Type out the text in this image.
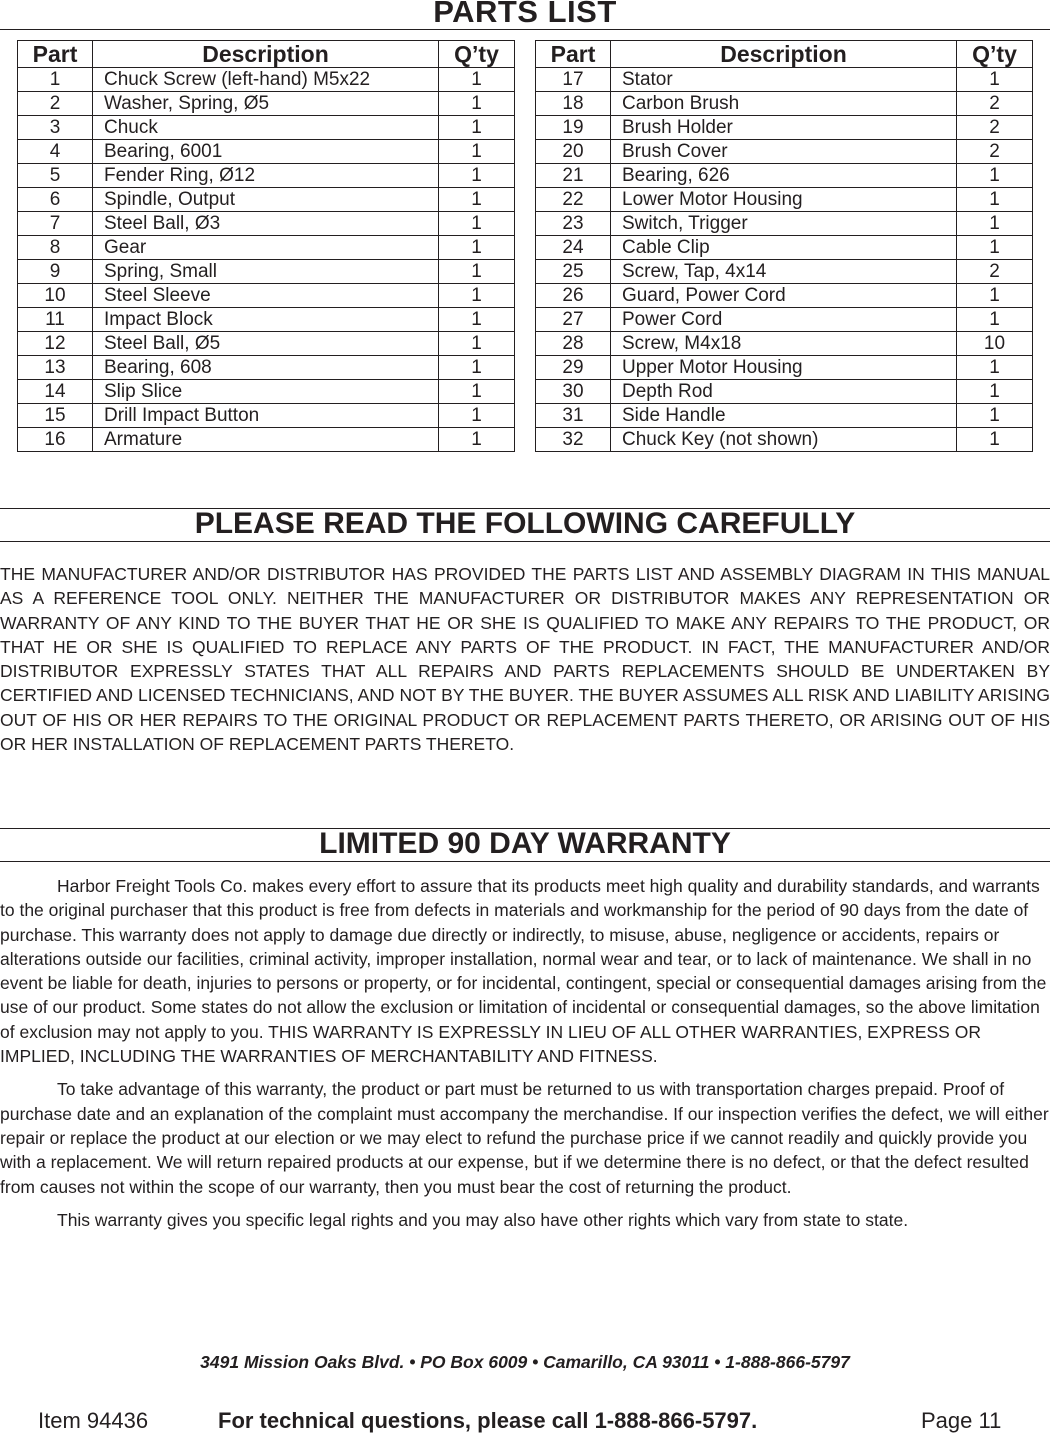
PARTS LIST
Part	Description	Q’ty
1	Chuck Screw (left-hand) M5x22	1
2	Washer, Spring, Ø5	1
3	Chuck	1
4	Bearing, 6001	1
5	Fender Ring, Ø12	1
6	Spindle, Output	1
7	Steel Ball, Ø3	1
8	Gear	1
9	Spring, Small	1
10	Steel Sleeve	1
11	Impact Block	1
12	Steel Ball, Ø5	1
13	Bearing, 608	1
14	Slip Slice	1
15	Drill Impact Button	1
16	Armature	1
Part	Description	Q’ty
17	Stator	1
18	Carbon Brush	2
19	Brush Holder	2
20	Brush Cover	2
21	Bearing, 626	1
22	Lower Motor Housing	1
23	Switch, Trigger	1
24	Cable Clip	1
25	Screw, Tap, 4x14	2
26	Guard, Power Cord	1
27	Power Cord	1
28	Screw, M4x18	10
29	Upper Motor Housing	1
30	Depth Rod	1
31	Side Handle	1
32	Chuck Key (not shown)	1
PLEASE READ THE FOLLOWING CAREFULLY
THE MANUFACTURER AND/OR DISTRIBUTOR HAS PROVIDED THE PARTS LIST AND ASSEMBLY DIAGRAM IN THIS MANUAL AS A REFERENCE TOOL ONLY. NEITHER THE MANUFACTURER OR DISTRIBUTOR MAKES ANY REPRESENTATION OR WARRANTY OF ANY KIND TO THE BUYER THAT HE OR SHE IS QUALIFIED TO MAKE ANY REPAIRS TO THE PRODUCT, OR THAT HE OR SHE IS QUALIFIED TO REPLACE ANY PARTS OF THE PRODUCT. IN FACT, THE MANUFACTURER AND/OR DISTRIBUTOR EXPRESSLY STATES THAT ALL REPAIRS AND PARTS REPLACEMENTS SHOULD BE UNDERTAKEN BY CERTIFIED AND LICENSED TECHNICIANS, AND NOT BY THE BUYER. THE BUYER ASSUMES ALL RISK AND LIABILITY ARISING OUT OF HIS OR HER REPAIRS TO THE ORIGINAL PRODUCT OR REPLACEMENT PARTS THERETO, OR ARISING OUT OF HIS OR HER INSTALLATION OF REPLACEMENT PARTS THERETO.
LIMITED 90 DAY WARRANTY

Harbor Freight Tools Co. makes every effort to assure that its products meet high quality and durability standards, and warrants to the original purchaser that this product is free from defects in materials and workmanship for the period of 90 days from the date of purchase. This warranty does not apply to damage due directly or indirectly, to misuse, abuse, negligence or accidents, repairs or alterations outside our facilities, criminal activity, improper installation, normal wear and tear, or to lack of maintenance. We shall in no event be liable for death, injuries to persons or property, or for incidental, contingent, special or consequential damages arising from the use of our product. Some states do not allow the exclusion or limitation of incidental or consequential damages, so the above limitation of exclusion may not apply to you. THIS WARRANTY IS EXPRESSLY IN LIEU OF ALL OTHER WARRANTIES, EXPRESS OR IMPLIED, INCLUDING THE WARRANTIES OF MERCHANTABILITY AND FITNESS.

To take advantage of this warranty, the product or part must be returned to us with transportation charges prepaid. Proof of purchase date and an explanation of the complaint must accompany the merchandise. If our inspection verifies the defect, we will either repair or replace the product at our election or we may elect to refund the purchase price if we cannot readily and quickly provide you with a replacement. We will return repaired products at our expense, but if we determine there is no defect, or that the defect resulted from causes not within the scope of our warranty, then you must bear the cost of returning the product.

This warranty gives you specific legal rights and you may also have other rights which vary from state to state.

3491 Mission Oaks Blvd. • PO Box 6009 • Camarillo, CA 93011 • 1-888-866-5797
Item 94436	For technical questions, please call 1-888-866-5797.	Page 11
